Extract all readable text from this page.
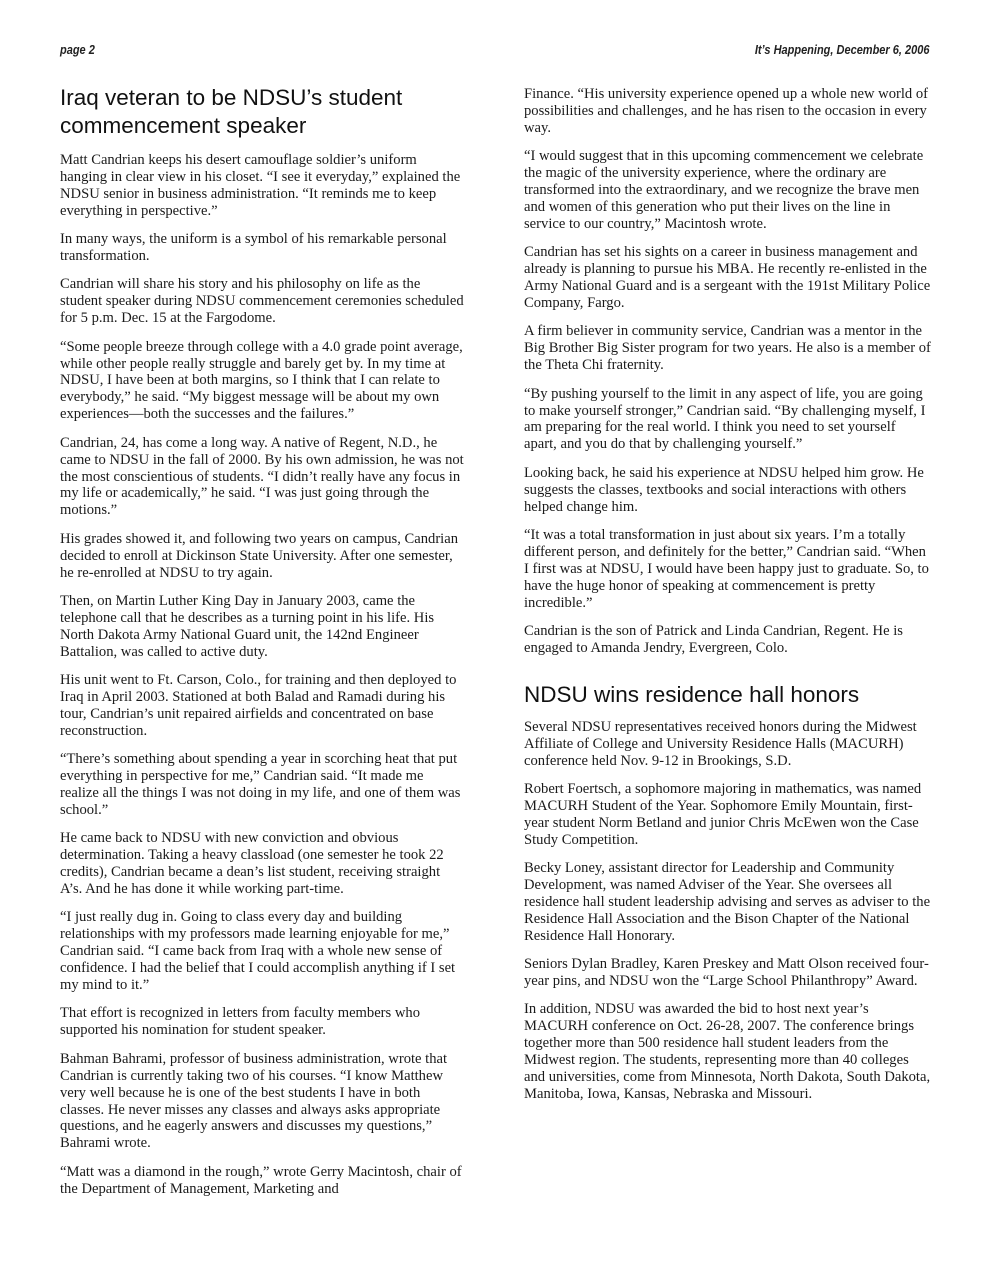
page 2	It’s Happening, December 6, 2006
Iraq veteran to be NDSU’s student commencement speaker

Matt Candrian keeps his desert camouflage soldier’s uniform hanging in clear view in his closet. “I see it everyday,” explained the NDSU senior in business administration. “It reminds me to keep everything in perspective.”

In many ways, the uniform is a symbol of his remarkable personal transformation.

Candrian will share his story and his philosophy on life as the student speaker during NDSU commencement ceremonies scheduled for 5 p.m. Dec. 15 at the Fargodome.

“Some people breeze through college with a 4.0 grade point average, while other people really struggle and barely get by. In my time at NDSU, I have been at both margins, so I think that I can relate to everybody,” he said. “My biggest message will be about my own experiences—both the successes and the failures.”

Candrian, 24, has come a long way. A native of Regent, N.D., he came to NDSU in the fall of 2000. By his own admission, he was not the most conscientious of students. “I didn’t really have any focus in my life or academically,” he said. “I was just going through the motions.”

His grades showed it, and following two years on campus, Candrian decided to enroll at Dickinson State University. After one semester, he re-enrolled at NDSU to try again.

Then, on Martin Luther King Day in January 2003, came the telephone call that he describes as a turning point in his life. His North Dakota Army National Guard unit, the 142nd Engineer Battalion, was called to active duty.

His unit went to Ft. Carson, Colo., for training and then deployed to Iraq in April 2003. Stationed at both Balad and Ramadi during his tour, Candrian’s unit repaired airfields and concentrated on base reconstruction.

“There’s something about spending a year in scorching heat that put everything in perspective for me,” Candrian said. “It made me realize all the things I was not doing in my life, and one of them was school.”

He came back to NDSU with new conviction and obvious determination. Taking a heavy classload (one semester he took 22 credits), Candrian became a dean’s list student, receiving straight A’s. And he has done it while working part-time.

“I just really dug in. Going to class every day and building relationships with my professors made learning enjoyable for me,” Candrian said. “I came back from Iraq with a whole new sense of confidence. I had the belief that I could accomplish anything if I set my mind to it.”

That effort is recognized in letters from faculty members who supported his nomination for student speaker.

Bahman Bahrami, professor of business administration, wrote that Candrian is currently taking two of his courses. “I know Matthew very well because he is one of the best students I have in both classes. He never misses any classes and always asks appropriate questions, and he eagerly answers and discusses my questions,” Bahrami wrote.

“Matt was a diamond in the rough,” wrote Gerry Macintosh, chair of the Department of Management, Marketing and

Finance. “His university experience opened up a whole new world of possibilities and challenges, and he has risen to the occasion in every way.

“I would suggest that in this upcoming commencement we celebrate the magic of the university experience, where the ordinary are transformed into the extraordinary, and we recognize the brave men and women of this generation who put their lives on the line in service to our country,” Macintosh wrote.

Candrian has set his sights on a career in business management and already is planning to pursue his MBA. He recently re-enlisted in the Army National Guard and is a sergeant with the 191st Military Police Company, Fargo.

A firm believer in community service, Candrian was a mentor in the Big Brother Big Sister program for two years. He also is a member of the Theta Chi fraternity.

“By pushing yourself to the limit in any aspect of life, you are going to make yourself stronger,” Candrian said. “By challenging myself, I am preparing for the real world. I think you need to set yourself apart, and you do that by challenging yourself.”

Looking back, he said his experience at NDSU helped him grow. He suggests the classes, textbooks and social interactions with others helped change him.

“It was a total transformation in just about six years. I’m a totally different person, and definitely for the better,” Candrian said. “When I first was at NDSU, I would have been happy just to graduate. So, to have the huge honor of speaking at commencement is pretty incredible.”

Candrian is the son of Patrick and Linda Candrian, Regent. He is engaged to Amanda Jendry, Evergreen, Colo.

NDSU wins residence hall honors

Several NDSU representatives received honors during the Midwest Affiliate of College and University Residence Halls (MACURH) conference held Nov. 9-12 in Brookings, S.D.

Robert Foertsch, a sophomore majoring in mathematics, was named MACURH Student of the Year. Sophomore Emily Mountain, first-year student Norm Betland and junior Chris McEwen won the Case Study Competition.

Becky Loney, assistant director for Leadership and Community Development, was named Adviser of the Year. She oversees all residence hall student leadership advising and serves as adviser to the Residence Hall Association and the Bison Chapter of the National Residence Hall Honorary.

Seniors Dylan Bradley, Karen Preskey and Matt Olson received four-year pins, and NDSU won the “Large School Philanthropy” Award.

In addition, NDSU was awarded the bid to host next year’s MACURH conference on Oct. 26-28, 2007. The conference brings together more than 500 residence hall student leaders from the Midwest region. The students, representing more than 40 colleges and universities, come from Minnesota, North Dakota, South Dakota, Manitoba, Iowa, Kansas, Nebraska and Missouri.
